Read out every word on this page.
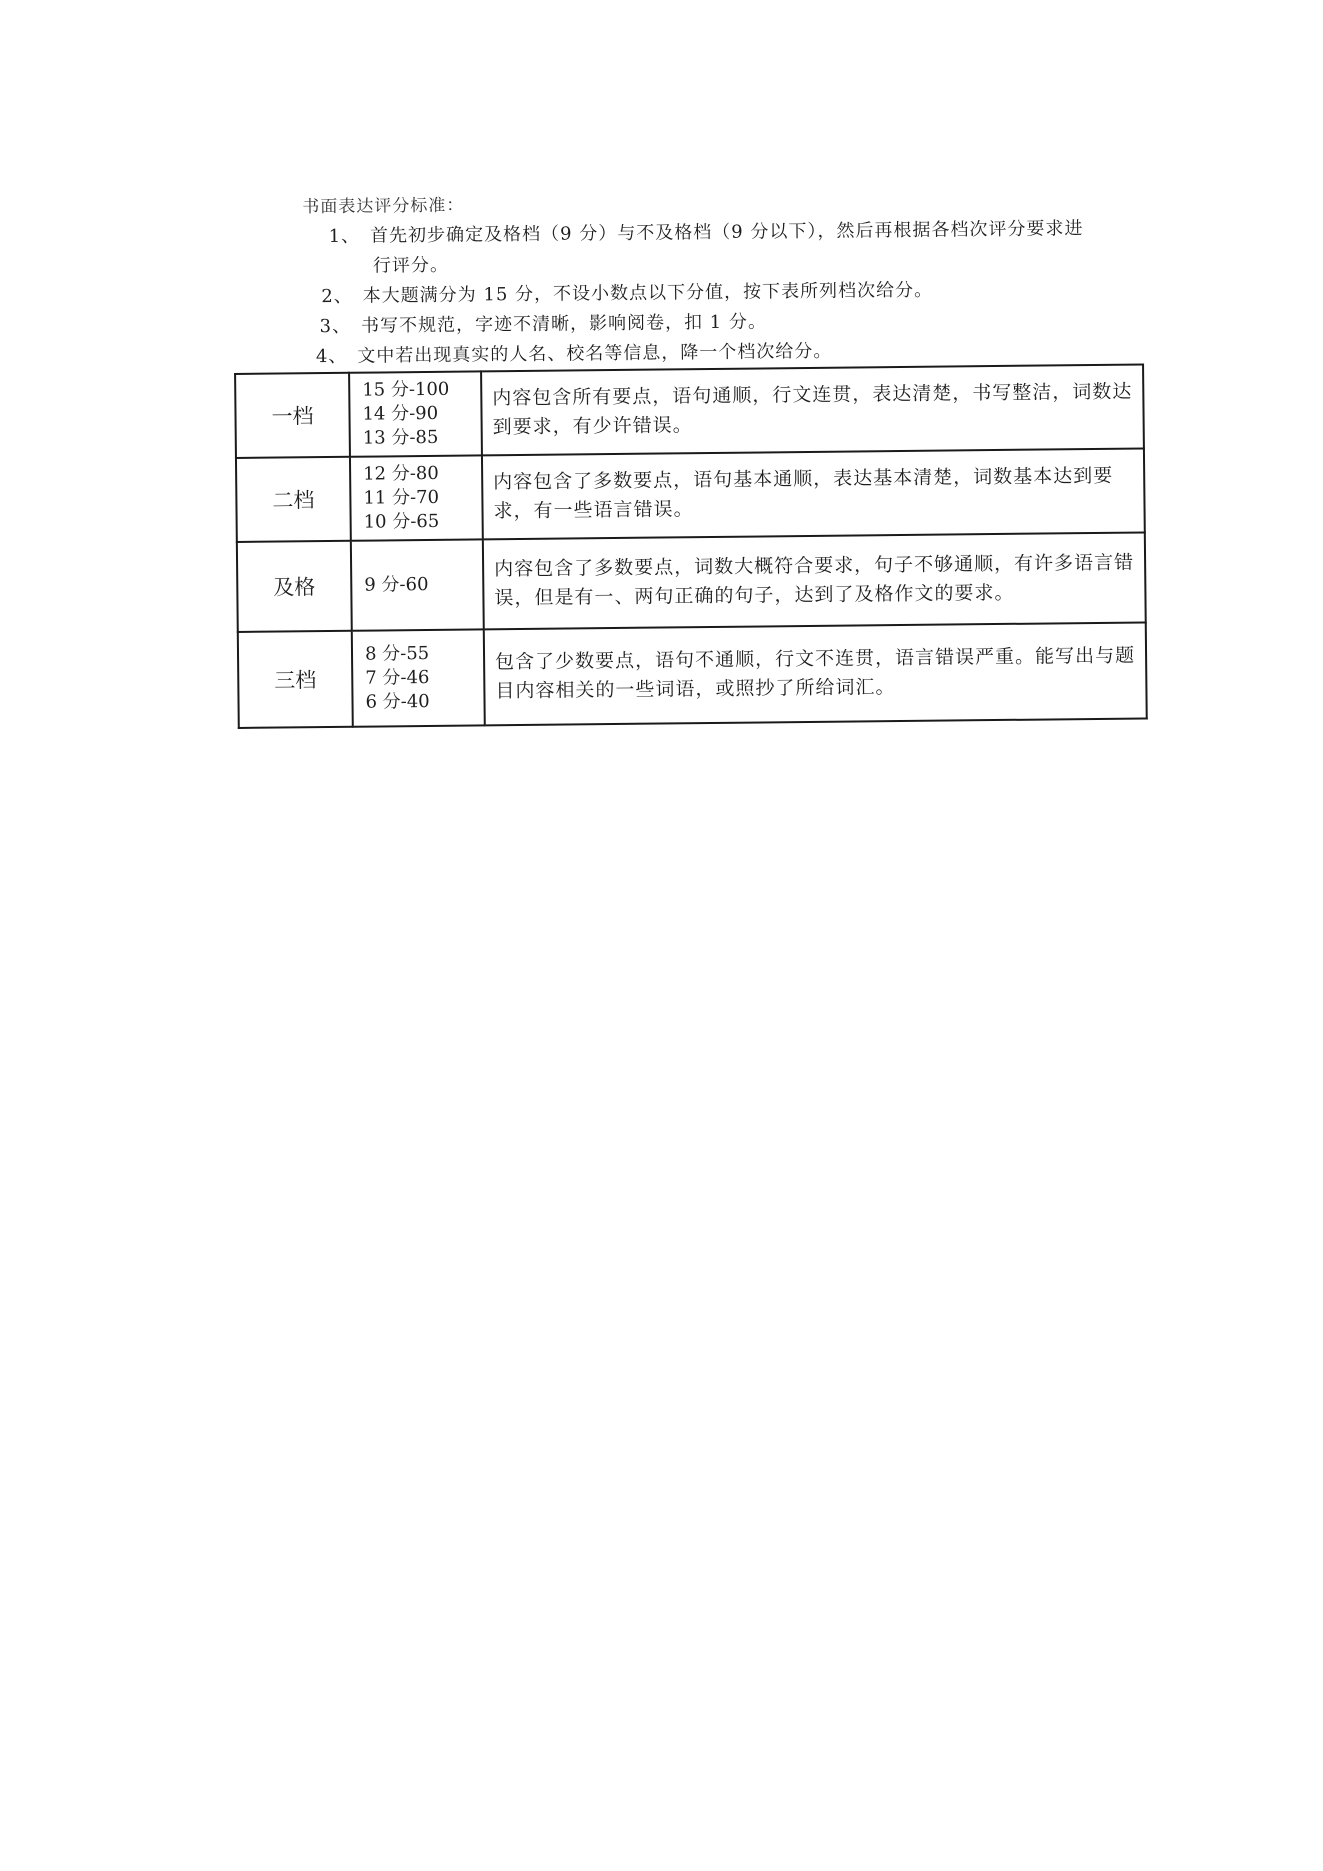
书面表达评分标准：
1、 首先初步确定及格档（9 分）与不及格档（9 分以下），然后再根据各档次评分要求进
行评分。
2、 本大题满分为 15 分，不设小数点以下分值，按下表所列档次给分。
3、 书写不规范，字迹不清晰，影响阅卷，扣 1 分。
4、 文中若出现真实的人名、校名等信息，降一个档次给分。
一档	15 分-100
14 分-90
13 分-85	内容包含所有要点，语句通顺，行文连贯，表达清楚，书写整洁，词数达到要求，有少许错误。
二档	12 分-80
11 分-70
10 分-65	内容包含了多数要点，语句基本通顺，表达基本清楚，词数基本达到要求，有一些语言错误。
及格	9 分-60	内容包含了多数要点，词数大概符合要求，句子不够通顺，有许多语言错误，但是有一、两句正确的句子，达到了及格作文的要求。
三档	8 分-55
7 分-46
6 分-40	包含了少数要点，语句不通顺，行文不连贯，语言错误严重。能写出与题目内容相关的一些词语，或照抄了所给词汇。
